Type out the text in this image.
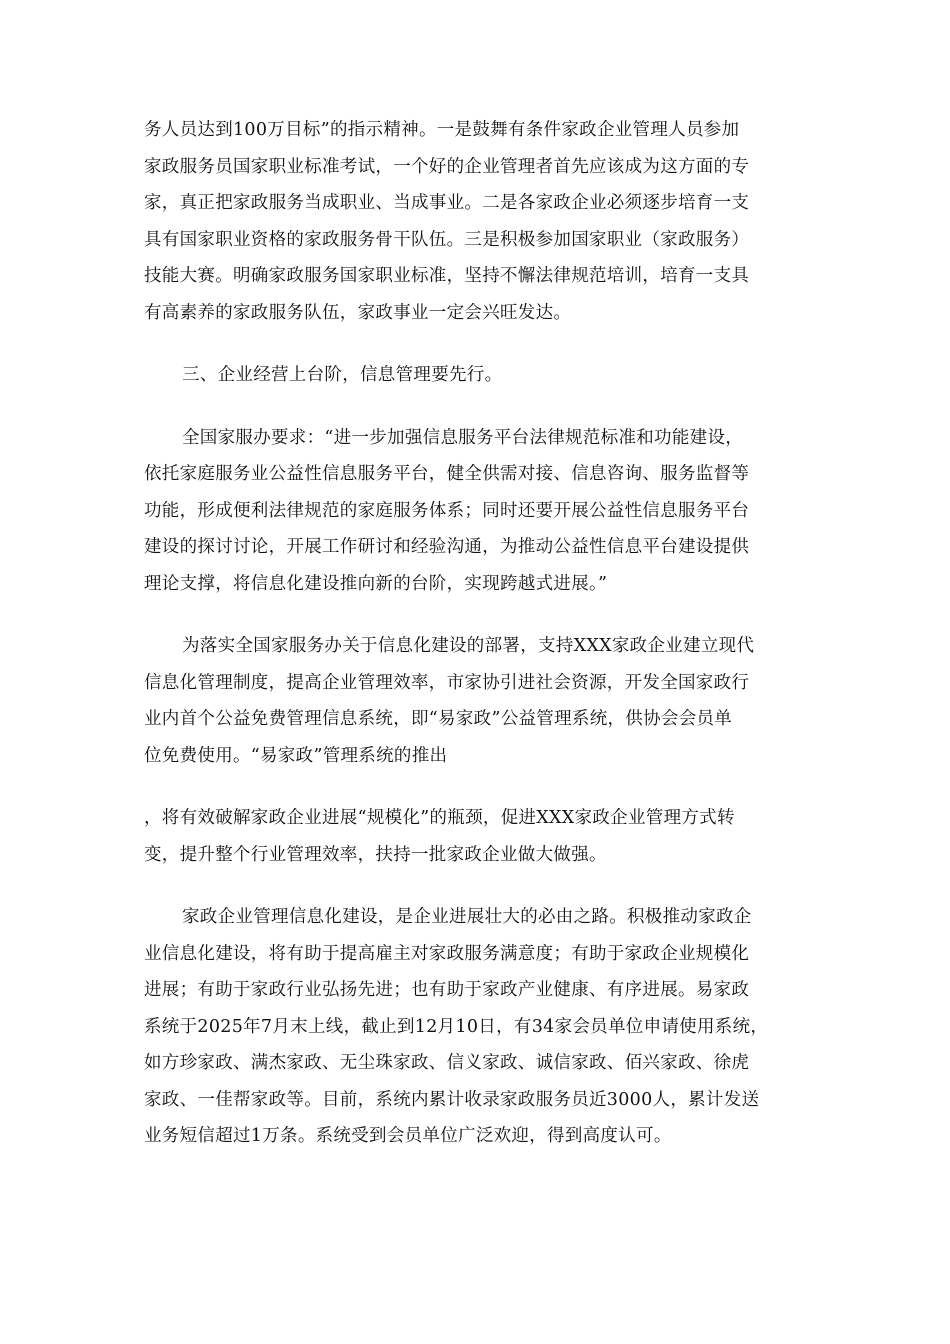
务人员达到100万目标”的指示精神。一是鼓舞有条件家政企业管理人员参加
家政服务员国家职业标准考试，一个好的企业管理者首先应该成为这方面的专
家，真正把家政服务当成职业、当成事业。二是各家政企业必须逐步培育一支
具有国家职业资格的家政服务骨干队伍。三是积极参加国家职业（家政服务）
技能大赛。明确家政服务国家职业标准，坚持不懈法律规范培训，培育一支具
有高素养的家政服务队伍，家政事业一定会兴旺发达。

三、企业经营上台阶，信息管理要先行。

全国家服办要求：“进一步加强信息服务平台法律规范标准和功能建设，
依托家庭服务业公益性信息服务平台，健全供需对接、信息咨询、服务监督等
功能，形成便利法律规范的家庭服务体系；同时还要开展公益性信息服务平台
建设的探讨讨论，开展工作研讨和经验沟通，为推动公益性信息平台建设提供
理论支撑，将信息化建设推向新的台阶，实现跨越式进展。”

为落实全国家服务办关于信息化建设的部署，支持XXX家政企业建立现代
信息化管理制度，提高企业管理效率，市家协引进社会资源，开发全国家政行
业内首个公益免费管理信息系统，即“易家政”公益管理系统，供协会会员单
位免费使用。“易家政”管理系统的推出

，将有效破解家政企业进展“规模化”的瓶颈，促进XXX家政企业管理方式转
变，提升整个行业管理效率，扶持一批家政企业做大做强。

家政企业管理信息化建设，是企业进展壮大的必由之路。积极推动家政企
业信息化建设，将有助于提高雇主对家政服务满意度；有助于家政企业规模化
进展；有助于家政行业弘扬先进；也有助于家政产业健康、有序进展。易家政
系统于2025年7月末上线，截止到12月10日，有34家会员单位申请使用系统，
如方珍家政、满杰家政、无尘珠家政、信义家政、诚信家政、佰兴家政、徐虎
家政、一佳帮家政等。目前，系统内累计收录家政服务员近3000人，累计发送
业务短信超过1万条。系统受到会员单位广泛欢迎，得到高度认可。
